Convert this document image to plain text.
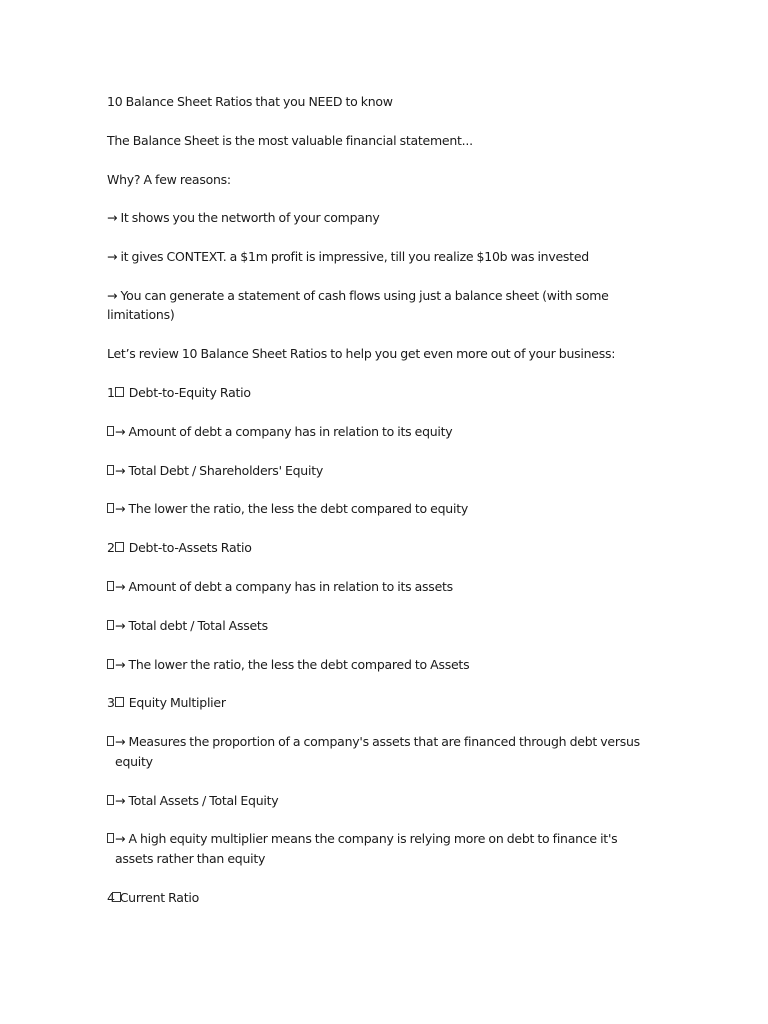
10 Balance Sheet Ratios that you NEED to know
The Balance Sheet is the most valuable financial statement...
Why? A few reasons:
→ It shows you the networth of your company
→ it gives CONTEXT. a $1m profit is impressive, till you realize $10b was invested
→ You can generate a statement of cash flows using just a balance sheet (with some limitations)
Let’s review 10 Balance Sheet Ratios to help you get even more out of your business:
1 Debt-to-Equity Ratio
→ Amount of debt a company has in relation to its equity
→ Total Debt / Shareholders' Equity
→ The lower the ratio, the less the debt compared to equity
2 Debt-to-Assets Ratio
→ Amount of debt a company has in relation to its assets
→ Total debt / Total Assets
→ The lower the ratio, the less the debt compared to Assets
3 Equity Multiplier
→ Measures the proportion of a company's assets that are financed through debt versus equity
→ Total Assets / Total Equity
→ A high equity multiplier means the company is relying more on debt to finance it's assets rather than equity
4 Current Ratio
